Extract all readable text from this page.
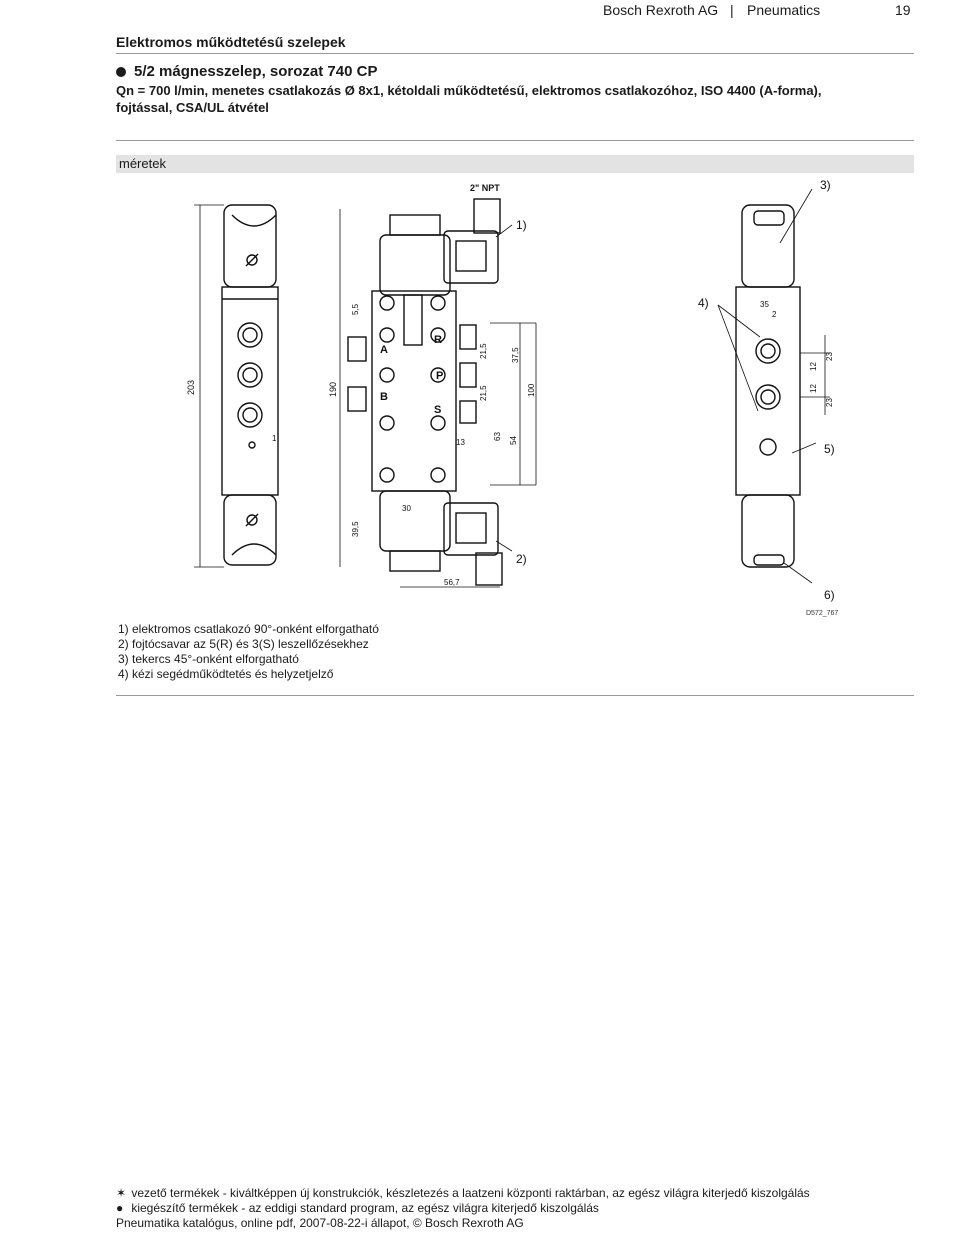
Bosch Rexroth AG | Pneumatics	19
Elektromos működtetésű szelepek
5/2 mágnesszelep, sorozat 740 CP
Qn = 700 l/min, menetes csatlakozás Ø 8x1, kétoldali működtetésű, elektromos csatlakozóhoz, ISO 4400 (A-forma), fojtással, CSA/UL átvétel
méretek
203
1
A
B
R
P
S
2" NPT
190
5,5
21,5	37,5
21,5	100
63 54
13
30
39,5
56,7
35
2
23
12
12
23
1)
2)
3)
4)
5)
6)
D572_767
1) elektromos csatlakozó 90°-onként elforgatható
2) fojtócsavar az 5(R) és 3(S) leszellőzésekhez
3) tekercs 45°-onként elforgatható
4) kézi segédműködtetés és helyzetjelző
✶ vezető termékek - kiváltképpen új konstrukciók, készletezés a laatzeni központi raktárban, az egész világra kiterjedő kiszolgálás
● kiegészítő termékek - az eddigi standard program, az egész világra kiterjedő kiszolgálás
Pneumatika katalógus, online pdf, 2007-08-22-i állapot, © Bosch Rexroth AG
